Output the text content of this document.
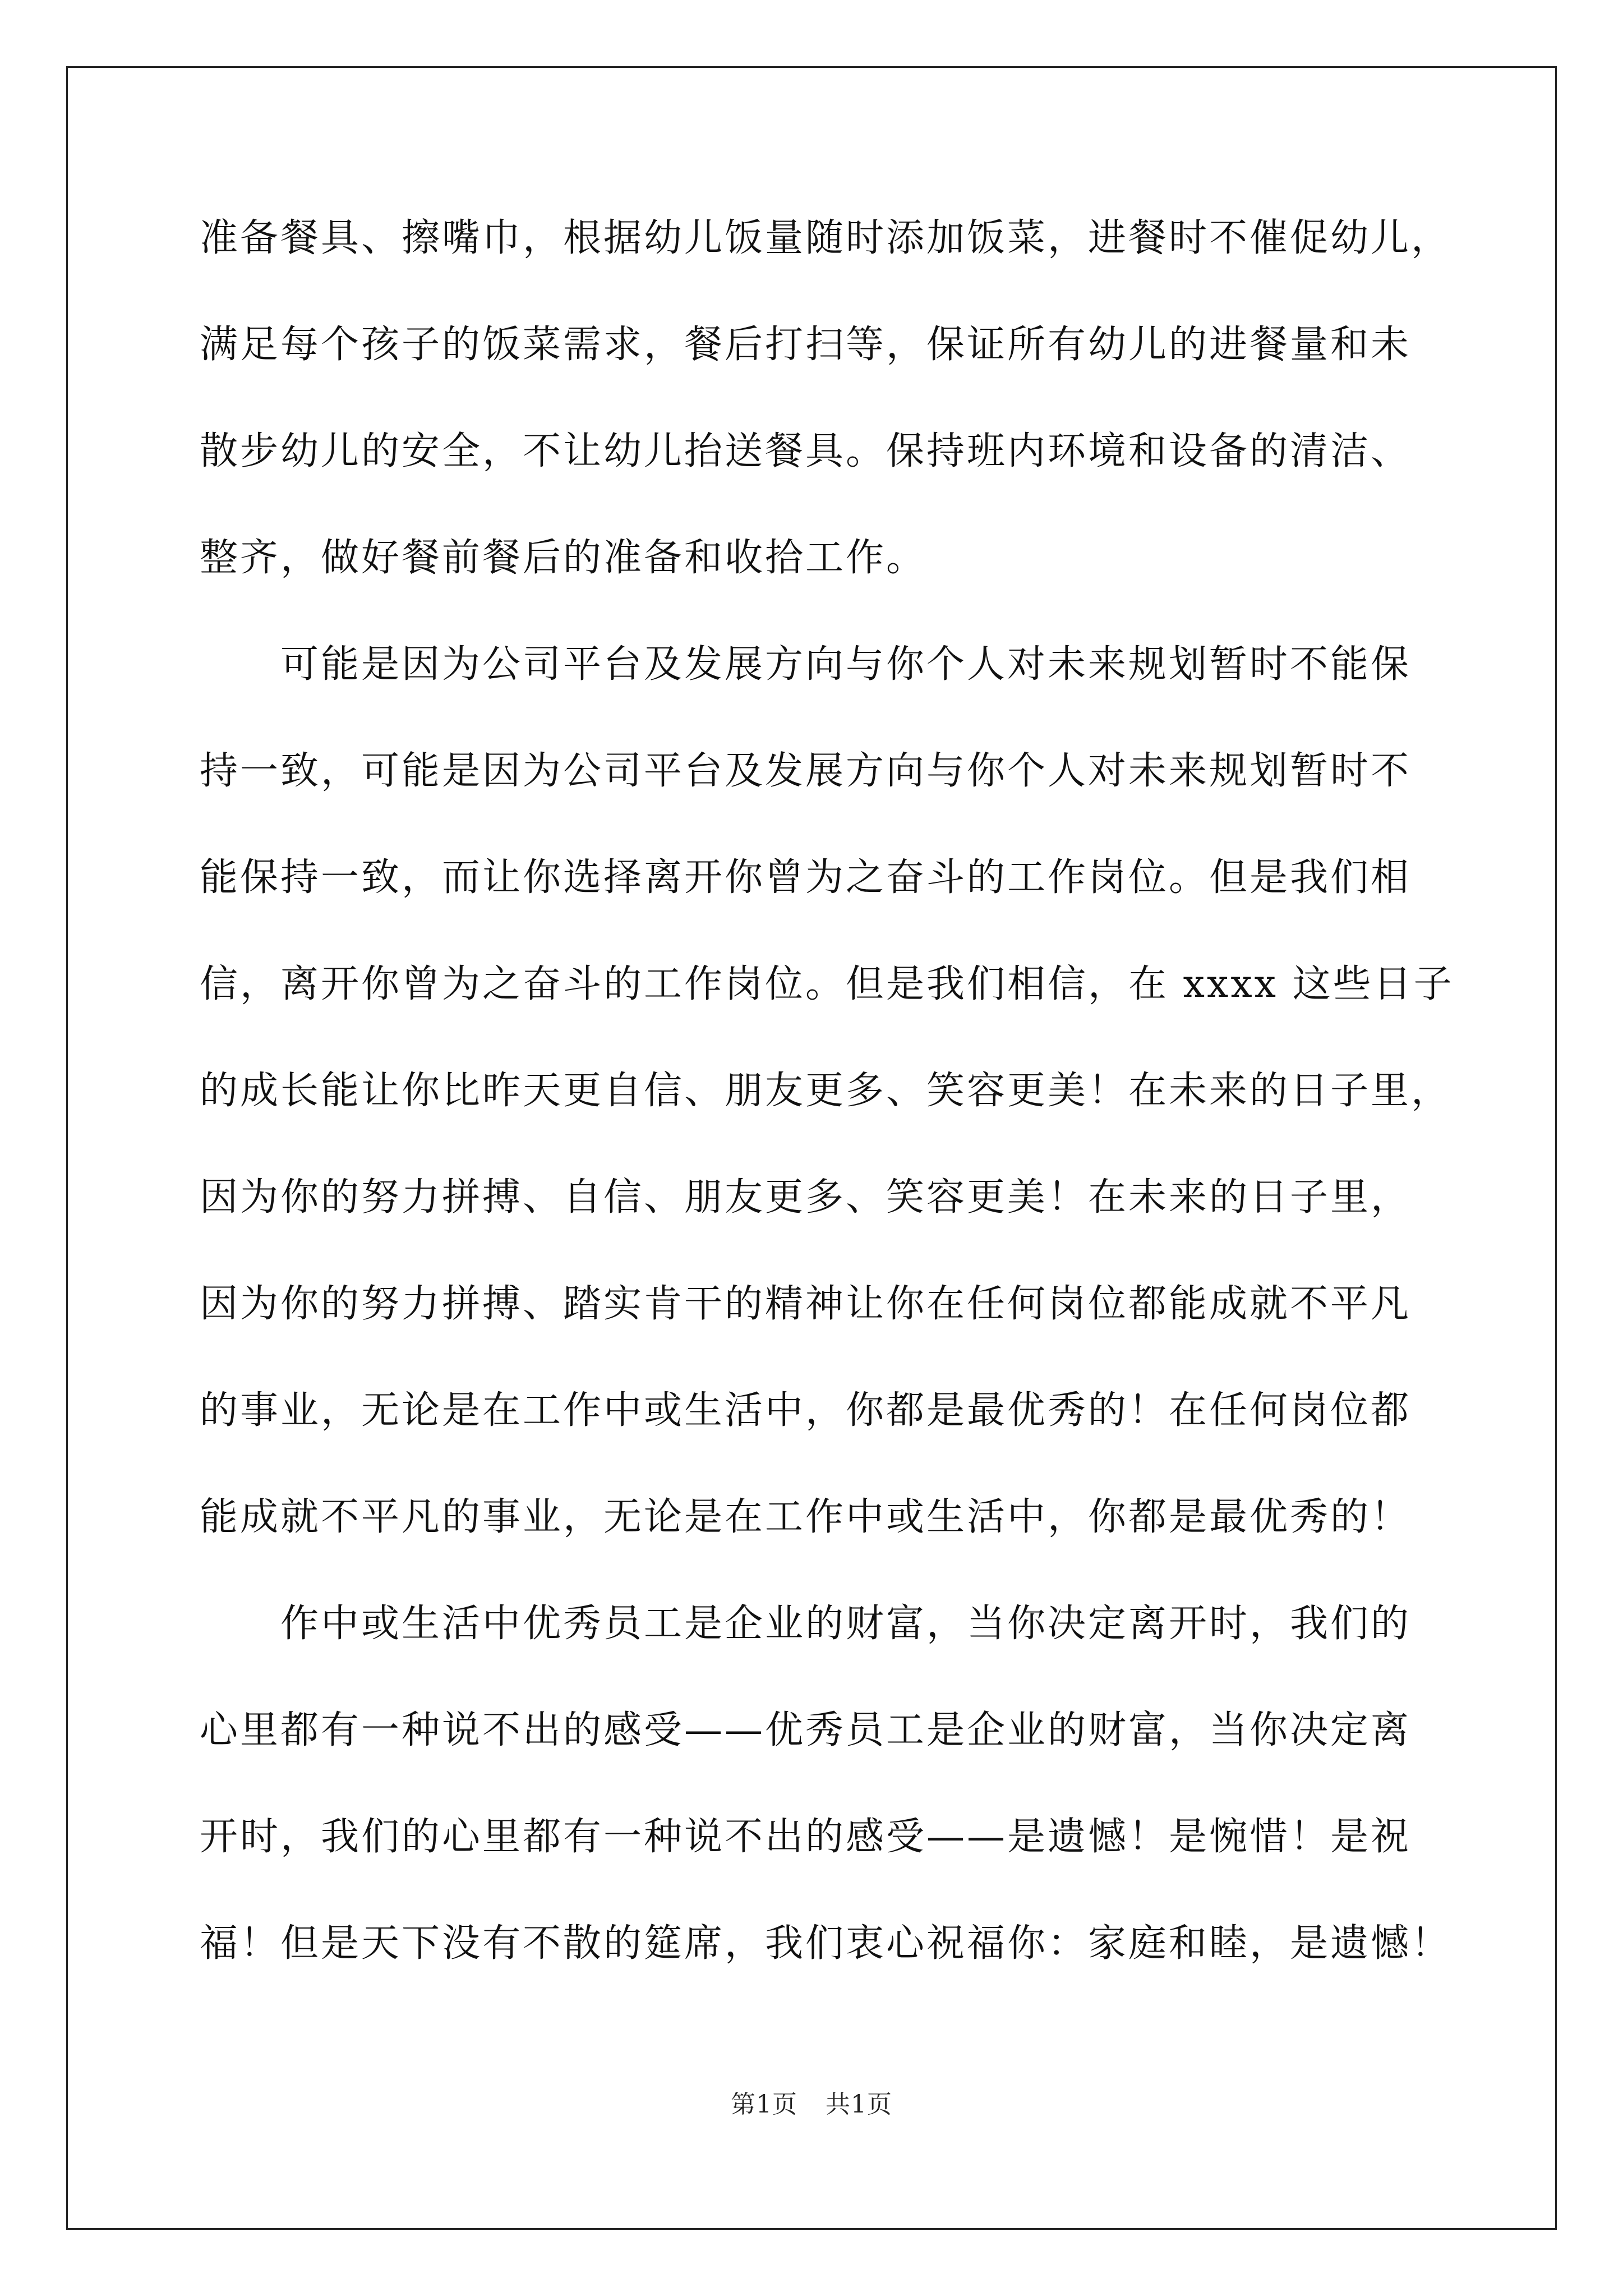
准备餐具、擦嘴巾，根据幼儿饭量随时添加饭菜，进餐时不催促幼儿，
满足每个孩子的饭菜需求，餐后打扫等，保证所有幼儿的进餐量和未
散步幼儿的安全，不让幼儿抬送餐具。保持班内环境和设备的清洁、
整齐，做好餐前餐后的准备和收拾工作。
　　可能是因为公司平台及发展方向与你个人对未来规划暂时不能保
持一致，可能是因为公司平台及发展方向与你个人对未来规划暂时不
能保持一致，而让你选择离开你曾为之奋斗的工作岗位。但是我们相
信，离开你曾为之奋斗的工作岗位。但是我们相信，在 xxxx 这些日子
的成长能让你比昨天更自信、朋友更多、笑容更美！在未来的日子里，
因为你的努力拼搏、自信、朋友更多、笑容更美！在未来的日子里，
因为你的努力拼搏、踏实肯干的精神让你在任何岗位都能成就不平凡
的事业，无论是在工作中或生活中，你都是最优秀的！在任何岗位都
能成就不平凡的事业，无论是在工作中或生活中，你都是最优秀的！
　　作中或生活中优秀员工是企业的财富，当你决定离开时，我们的
心里都有一种说不出的感受——优秀员工是企业的财富，当你决定离
开时，我们的心里都有一种说不出的感受——是遗憾！是惋惜！是祝
福！但是天下没有不散的筵席，我们衷心祝福你：家庭和睦，是遗憾！
第1页 共1页
